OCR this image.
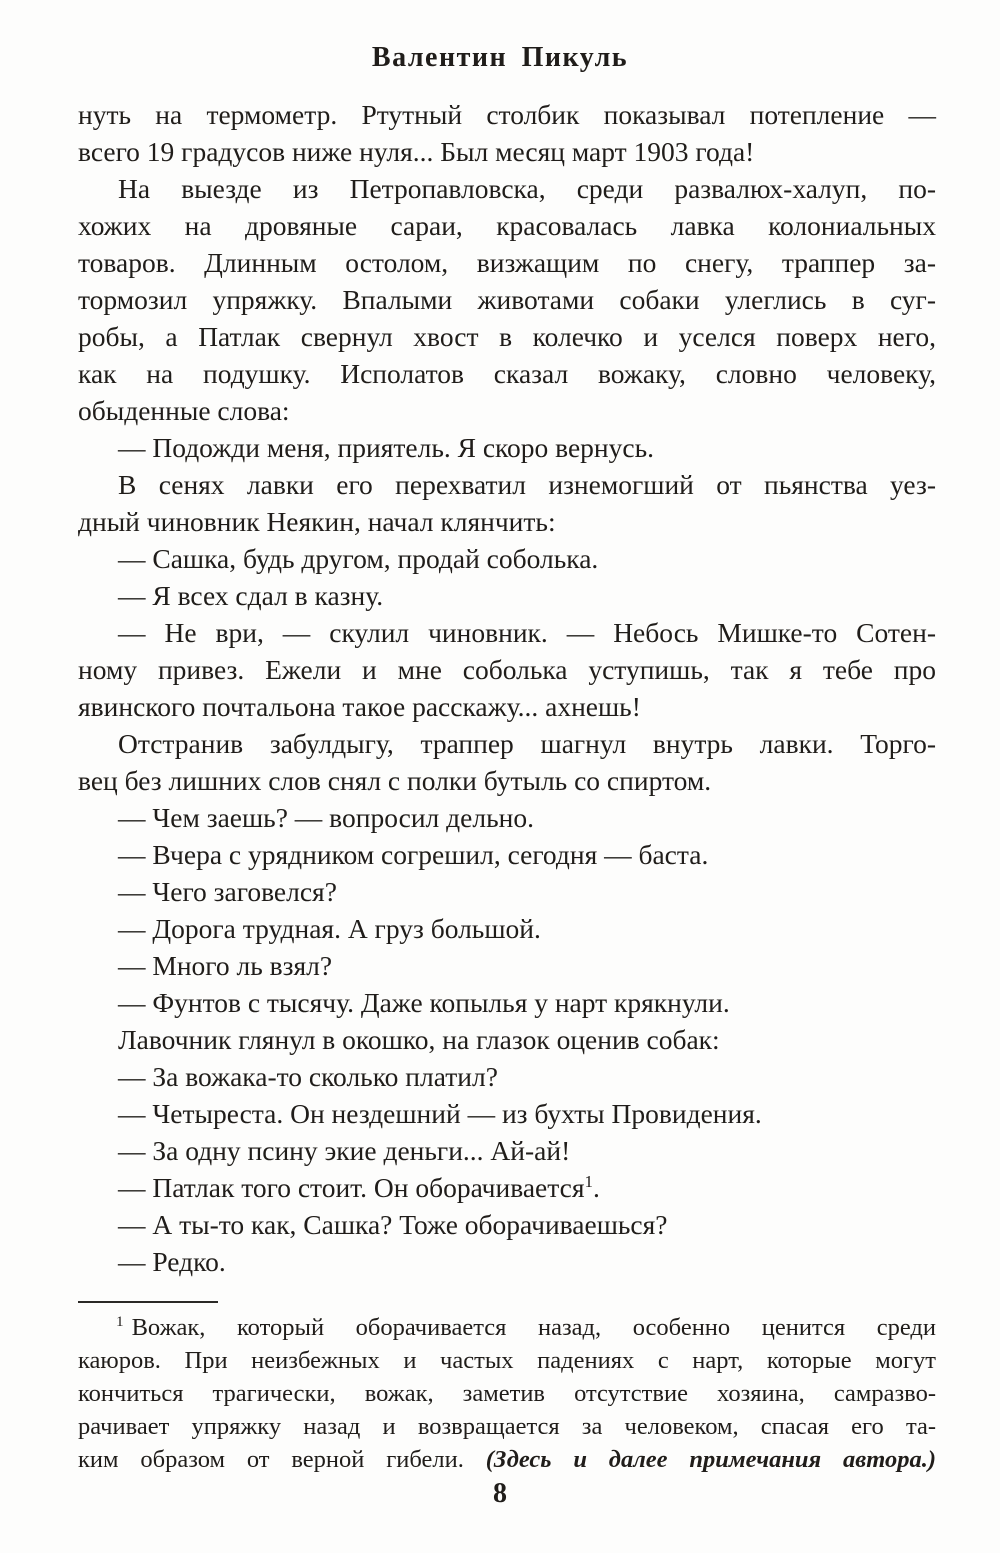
Валентин Пикуль
нуть на термометр. Ртутный столбик показывал потепление —
всего 19 градусов ниже нуля... Был месяц март 1903 года!
На выезде из Петропавловска, среди развалюх-халуп, по-
хожих на дровяные сараи, красовалась лавка колониальных
товаров. Длинным остолом, визжащим по снегу, траппер за-
тормозил упряжку. Впалыми животами собаки улеглись в суг-
робы, а Патлак свернул хвост в колечко и уселся поверх него,
как на подушку. Исполатов сказал вожаку, словно человеку,
обыденные слова:
— Подожди меня, приятель. Я скоро вернусь.
В сенях лавки его перехватил изнемогший от пьянства уез-
дный чиновник Неякин, начал клянчить:
— Сашка, будь другом, продай соболька.
— Я всех сдал в казну.
— Не ври, — скулил чиновник. — Небось Мишке-то Сотен-
ному привез. Ежели и мне соболька уступишь, так я тебе про
явинского почтальона такое расскажу... ахнешь!
Отстранив забулдыгу, траппер шагнул внутрь лавки. Торго-
вец без лишних слов снял с полки бутыль со спиртом.
— Чем заешь? — вопросил дельно.
— Вчера с урядником согрешил, сегодня — баста.
— Чего заговелся?
— Дорога трудная. А груз большой.
— Много ль взял?
— Фунтов с тысячу. Даже копылья у нарт крякнули.
Лавочник глянул в окошко, на глазок оценив собак:
— За вожака-то сколько платил?
— Четыреста. Он нездешний — из бухты Провидения.
— За одну псину экие деньги... Ай-ай!
— Патлак того стоит. Он оборачивается$^1$.
— А ты-то как, Сашка? Тоже оборачиваешься?
— Редко.
$^1$ Вожак, который оборачивается назад, особенно ценится среди
каюров. При неизбежных и частых падениях с нарт, которые могут
кончиться трагически, вожак, заметив отсутствие хозяина, самразво-
рачивает упряжку назад и возвращается за человеком, спасая его та-
ким образом от верной гибели. (Здесь и далее примечания автора.)
8
